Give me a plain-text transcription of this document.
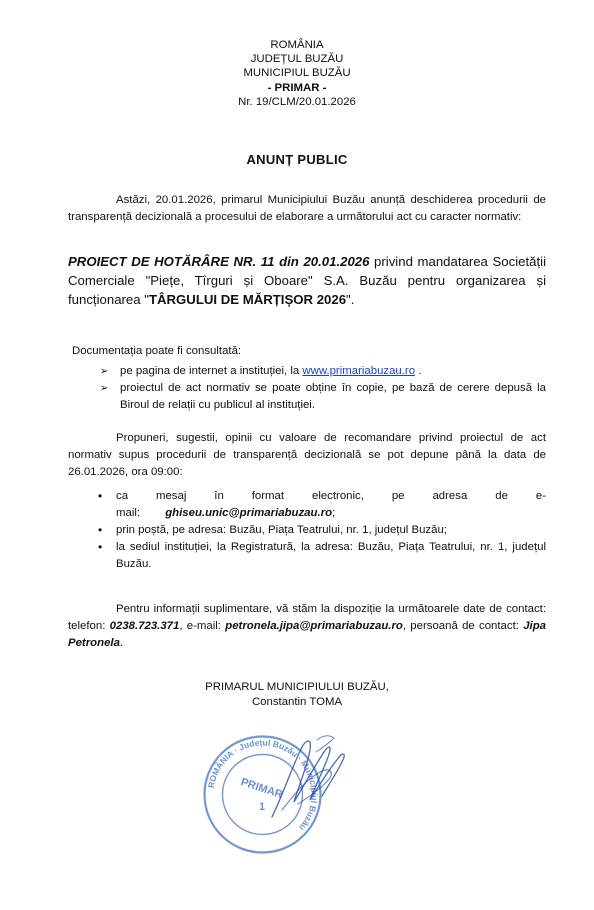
ROMÂNIA
JUDEȚUL BUZĂU
MUNICIPIUL BUZĂU
- PRIMAR -
Nr. 19/CLM/20.01.2026
ANUNȚ PUBLIC
Astăzi, 20.01.2026, primarul Municipiului Buzău anunță deschiderea procedurii de transparență decizională a procesului de elaborare a următorului act cu caracter normativ:
PROIECT DE HOTĂRÂRE NR. 11 din 20.01.2026 privind mandatarea Societății Comerciale "Piețe, Tîrguri și Oboare" S.A. Buzău pentru organizarea și funcționarea "TÂRGULUI DE MĂRȚIȘOR 2026".
Documentația poate fi consultată:
➢ pe pagina de internet a instituției, la www.primariabuzau.ro .
➢ proiectul de act normativ se poate obține în copie, pe bază de cerere depusă la Biroul de relații cu publicul al instituției.
Propuneri, sugestii, opinii cu valoare de recomandare privind proiectul de act normativ supus procedurii de transparență decizională se pot depune până la data de 26.01.2026, ora 09:00:
• ca mesaj în format electronic, pe adresa de e-mail: ghiseu.unic@primariabuzau.ro;
• prin poștă, pe adresa: Buzău, Piața Teatrului, nr. 1, județul Buzău;
• la sediul instituției, la Registratură, la adresa: Buzău, Piața Teatrului, nr. 1, județul Buzău.
Pentru informații suplimentare, vă stăm la dispoziție la următoarele date de contact: telefon: 0238.723.371, e-mail: petronela.jipa@primariabuzau.ro, persoană de contact: Jipa Petronela.
PRIMARUL MUNICIPIULUI BUZĂU,
Constantin TOMA
ROMÂNIA · Județul Buzău · Municipiul Buzău
PRIMAR
1
